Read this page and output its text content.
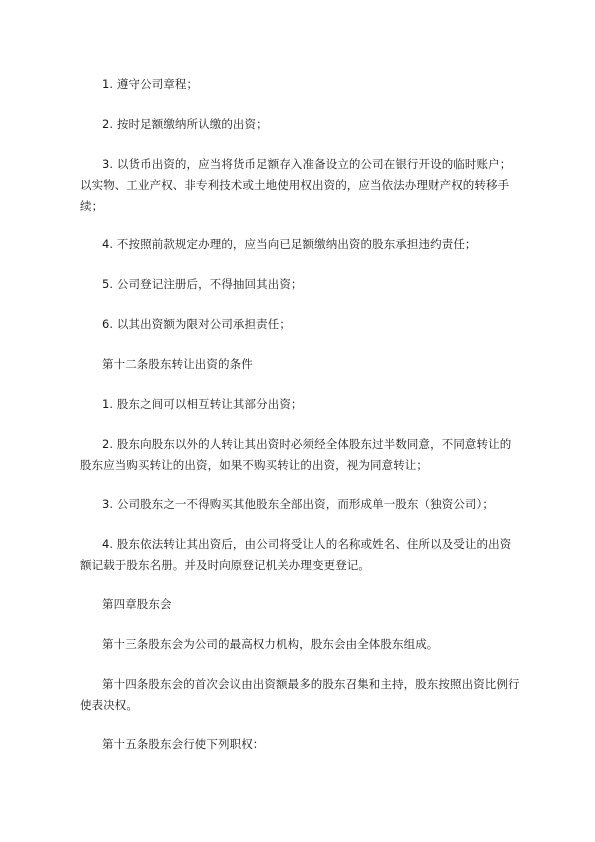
1. 遵守公司章程；

2. 按时足额缴纳所认缴的出资；

3. 以货币出资的，应当将货币足额存入准备设立的公司在银行开设的临时账户；以实物、工业产权、非专利技术或土地使用权出资的，应当依法办理财产权的转移手续；

4. 不按照前款规定办理的，应当向已足额缴纳出资的股东承担违约责任；

5. 公司登记注册后，不得抽回其出资；

6. 以其出资额为限对公司承担责任；

第十二条股东转让出资的条件

1. 股东之间可以相互转让其部分出资；

2. 股东向股东以外的人转让其出资时必须经全体股东过半数同意，不同意转让的股东应当购买转让的出资，如果不购买转让的出资，视为同意转让；

3. 公司股东之一不得购买其他股东全部出资，而形成单一股东（独资公司）；

4. 股东依法转让其出资后，由公司将受让人的名称或姓名、住所以及受让的出资额记载于股东名册。并及时向原登记机关办理变更登记。

第四章股东会

第十三条股东会为公司的最高权力机构，股东会由全体股东组成。

第十四条股东会的首次会议由出资额最多的股东召集和主持，股东按照出资比例行使表决权。

第十五条股东会行使下列职权：
